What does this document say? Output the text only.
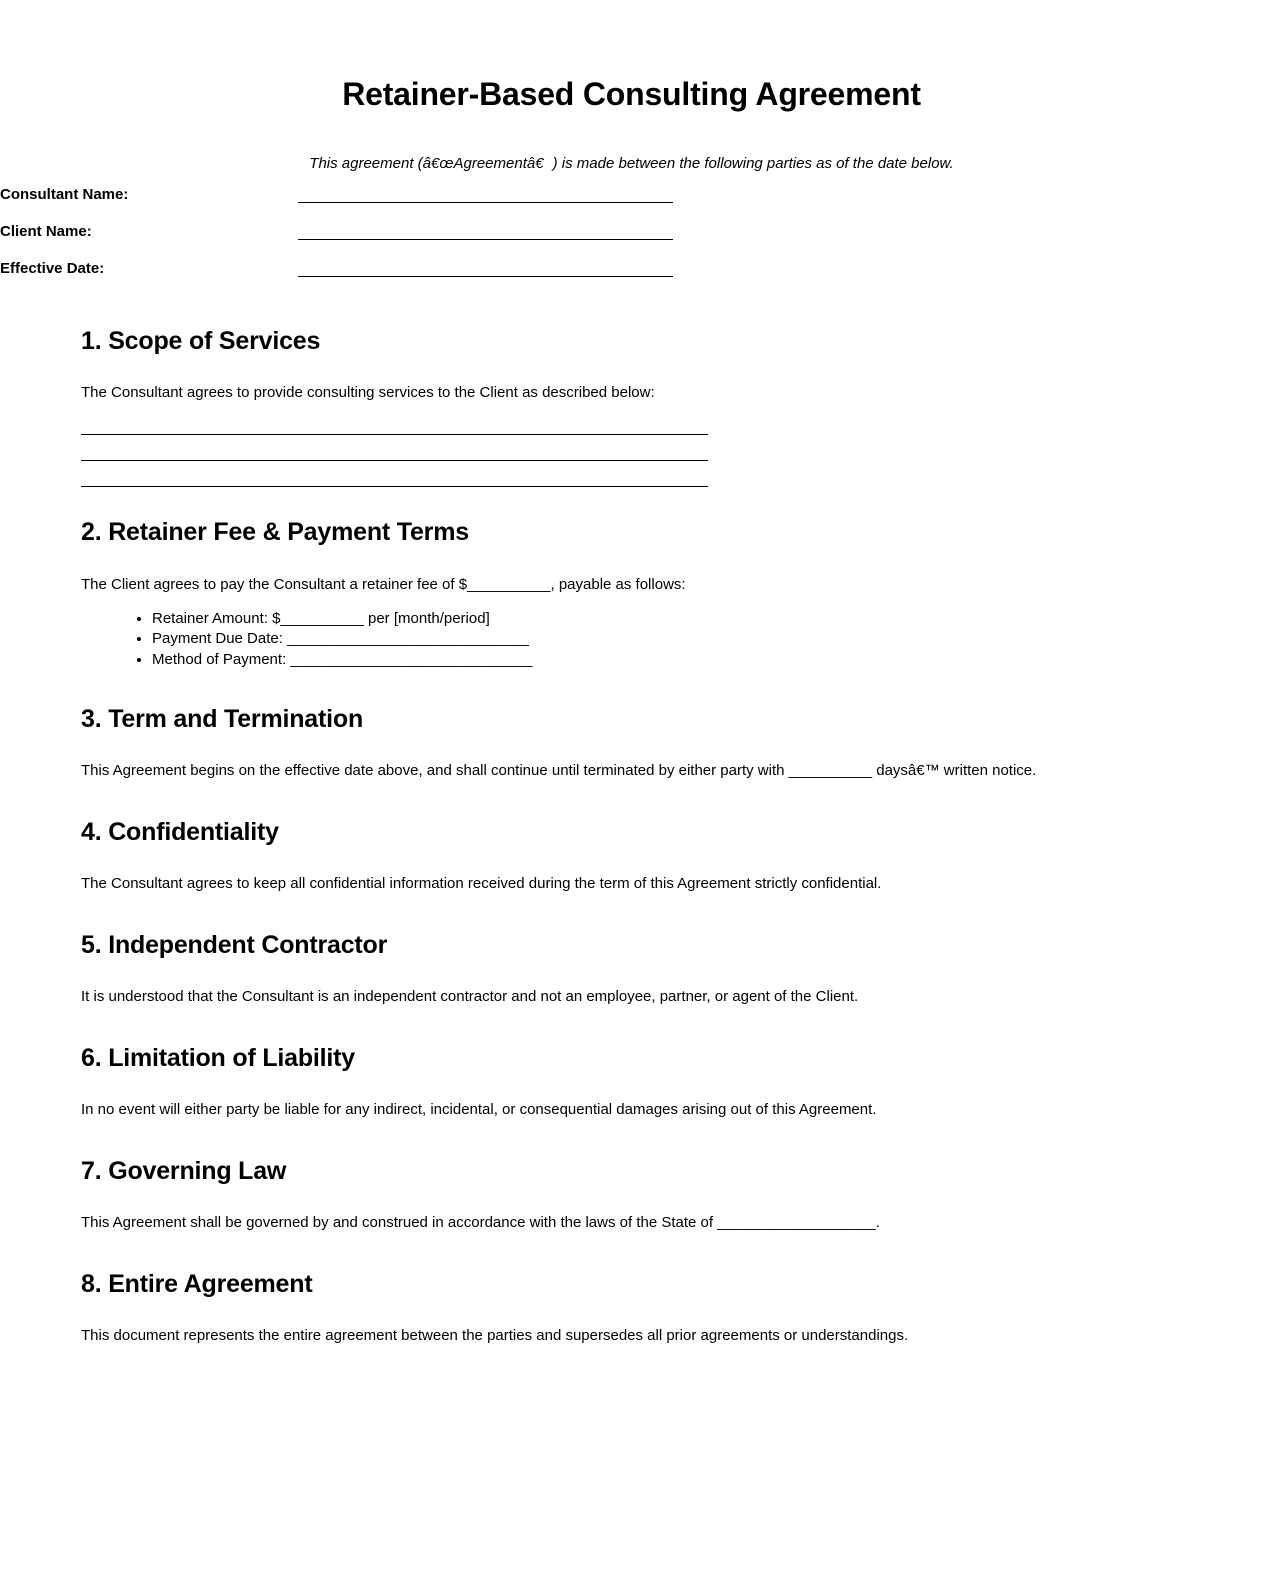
Retainer-Based Consulting Agreement

This agreement (â€œAgreementâ€) is made between the following parties as of the date below.

Consultant Name:		

Client Name:		

Effective Date:		
1. Scope of Services

The Consultant agrees to provide consulting services to the Client as described below:

2. Retainer Fee & Payment Terms

The Client agrees to pay the Consultant a retainer fee of $__________, payable as follows:

• Retainer Amount: $__________ per [month/period]
• Payment Due Date: _____________________________
• Method of Payment: _____________________________
3. Term and Termination

This Agreement begins on the effective date above, and shall continue until terminated by either party with __________ daysâ€™ written notice.

4. Confidentiality

The Consultant agrees to keep all confidential information received during the term of this Agreement strictly confidential.

5. Independent Contractor

It is understood that the Consultant is an independent contractor and not an employee, partner, or agent of the Client.

6. Limitation of Liability

In no event will either party be liable for any indirect, incidental, or consequential damages arising out of this Agreement.

7. Governing Law

This Agreement shall be governed by and construed in accordance with the laws of the State of ___________________.

8. Entire Agreement

This document represents the entire agreement between the parties and supersedes all prior agreements or understandings.
